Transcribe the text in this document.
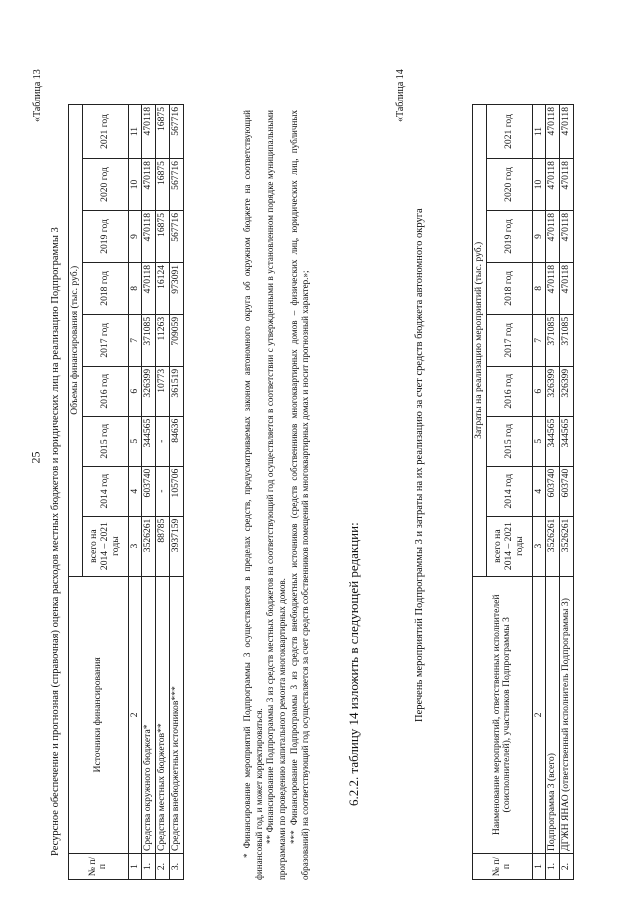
25
«Таблица 13
Ресурсное обеспечение и прогнозная (справочная) оценка расходов местных бюджетов и юридических лиц на реализацию Подпрограммы 3
№ п/п	Источники финансирования	Объемы финансирования (тыс. руб.)								
		всего на 2014 – 2021 годы	2014 год	2015 год	2016 год	2017 год	2018 год	2019 год	2020 год	2021 год
1	2	3	4	5	6	7	8	9	10	11
1.	Средства окружного бюджета*	3526261	603740	344565	326399	371085	470118	470118	470118	470118
2.	Средства местных бюджетов**	88785	-	-	10773	11263	16124	16875	16875	16875
3.	Средства внебюджетных источников***	3937159	105706	84636	361519	709059	973091	567716	567716	567716	* Финансирование мероприятий Подпрограммы 3 осуществляется в пределах средств, предусматриваемых законом автономного округа об окружном бюджете на соответствующий финансовый год, и может корректироваться. ** Финансирование Подпрограммы 3 из средств местных бюджетов на соответствующий год осуществляется в соответствии с утвержденными в установленном порядке муниципальными программами по проведению капитального ремонта многоквартирных домов. *** Финансирование Подпрограммы 3 из средств внебюджетных источников (средств собственников многоквартирных домов – физических лиц, юридических лиц, публичных образований) на соответствующий год осуществляется за счет средств собственников помещений в многоквартирных домах и носит прогнозный характер.»;	6.2.2. таблицу 14 изложить в следующей редакции:
«Таблица 14
Перечень мероприятий Подпрограммы 3 и затраты на их реализацию за счет средств бюджета автономного округа
№ п/п	Наименование мероприятий, ответственных исполнителей (соисполнителей), участников Подпрограммы 3	Затраты на реализацию мероприятий (тыс. руб.)								
		всего на 2014 – 2021 годы	2014 год	2015 год	2016 год	2017 год	2018 год	2019 год	2020 год	2021 год
1	2	3	4	5	6	7	8	9	10	11
1.	Подпрограмма 3 (всего)	3526261	603740	344565	326399	371085	470118	470118	470118	470118
2.	ДГЖН ЯНАО (ответственный исполнитель Подпрограммы 3)	3526261	603740	344565	326399	371085	470118	470118	470118	470118
